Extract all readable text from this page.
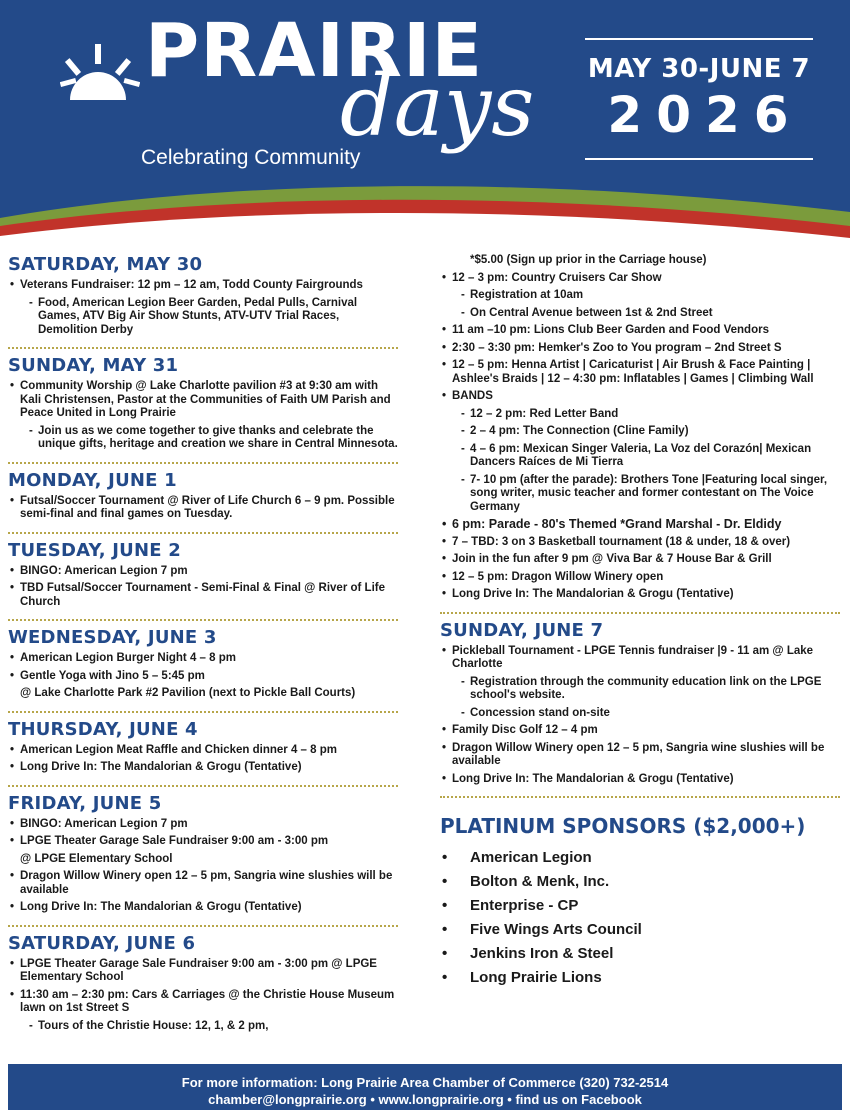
PRAIRIE
days
Celebrating Community
MAY 30-JUNE 7
2026
SATURDAY, MAY 30
• Veterans Fundraiser: 12 pm – 12 am, Todd County Fairgrounds
- Food, American Legion Beer Garden, Pedal Pulls, Carnival Games, ATV Big Air Show Stunts, ATV-UTV Trial Races, Demolition Derby
SUNDAY, MAY 31
• Community Worship @ Lake Charlotte pavilion #3 at 9:30 am with Kali Christensen, Pastor at the Communities of Faith UM Parish and Peace United in Long Prairie
- Join us as we come together to give thanks and celebrate the unique gifts, heritage and creation we share in Central Minnesota.
MONDAY, JUNE 1
• Futsal/Soccer Tournament @ River of Life Church 6 – 9 pm. Possible semi-final and final games on Tuesday.
TUESDAY, JUNE 2
• BINGO: American Legion 7 pm
• TBD Futsal/Soccer Tournament - Semi-Final & Final @ River of Life Church
WEDNESDAY, JUNE 3
• American Legion Burger Night 4 – 8 pm
• Gentle Yoga with Jino 5 – 5:45 pm
@ Lake Charlotte Park #2 Pavilion (next to Pickle Ball Courts)
THURSDAY, JUNE 4
• American Legion Meat Raffle and Chicken dinner 4 – 8 pm
• Long Drive In: The Mandalorian & Grogu (Tentative)
FRIDAY, JUNE 5
• BINGO: American Legion 7 pm
• LPGE Theater Garage Sale Fundraiser 9:00 am - 3:00 pm
@ LPGE Elementary School
• Dragon Willow Winery open 12 – 5 pm, Sangria wine slushies will be available
• Long Drive In: The Mandalorian & Grogu (Tentative)
SATURDAY, JUNE 6
• LPGE Theater Garage Sale Fundraiser 9:00 am - 3:00 pm @ LPGE Elementary School
• 11:30 am – 2:30 pm: Cars & Carriages @ the Christie House Museum lawn on 1st Street S
- Tours of the Christie House: 12, 1, & 2 pm,
*$5.00 (Sign up prior in the Carriage house)
• 12 – 3 pm: Country Cruisers Car Show
- Registration at 10am
- On Central Avenue between 1st & 2nd Street
• 11 am –10 pm: Lions Club Beer Garden and Food Vendors
• 2:30 – 3:30 pm: Hemker's Zoo to You program – 2nd Street S
• 12 – 5 pm: Henna Artist | Caricaturist | Air Brush & Face Painting | Ashlee's Braids | 12 – 4:30 pm: Inflatables | Games | Climbing Wall
• BANDS
- 12 – 2 pm: Red Letter Band
- 2 – 4 pm: The Connection (Cline Family)
- 4 – 6 pm: Mexican Singer Valeria, La Voz del Corazón| Mexican Dancers Raíces de Mi Tierra
- 7- 10 pm (after the parade): Brothers Tone |Featuring local singer, song writer, music teacher and former contestant on The Voice Germany
• 6 pm: Parade - 80's Themed *Grand Marshal - Dr. Eldidy
• 7 – TBD: 3 on 3 Basketball tournament (18 & under, 18 & over)
• Join in the fun after 9 pm @ Viva Bar & 7 House Bar & Grill
• 12 – 5 pm: Dragon Willow Winery open
• Long Drive In: The Mandalorian & Grogu (Tentative)
SUNDAY, JUNE 7
• Pickleball Tournament - LPGE Tennis fundraiser |9 - 11 am @ Lake Charlotte
- Registration through the community education link on the LPGE school's website.
- Concession stand on-site
• Family Disc Golf 12 – 4 pm
• Dragon Willow Winery open 12 – 5 pm, Sangria wine slushies will be available
• Long Drive In: The Mandalorian & Grogu (Tentative)
PLATINUM SPONSORS ($2,000+)
• American Legion
• Bolton & Menk, Inc.
• Enterprise - CP
• Five Wings Arts Council
• Jenkins Iron & Steel
• Long Prairie Lions
For more information: Long Prairie Area Chamber of Commerce (320) 732-2514
chamber@longprairie.org • www.longprairie.org • find us on Facebook
